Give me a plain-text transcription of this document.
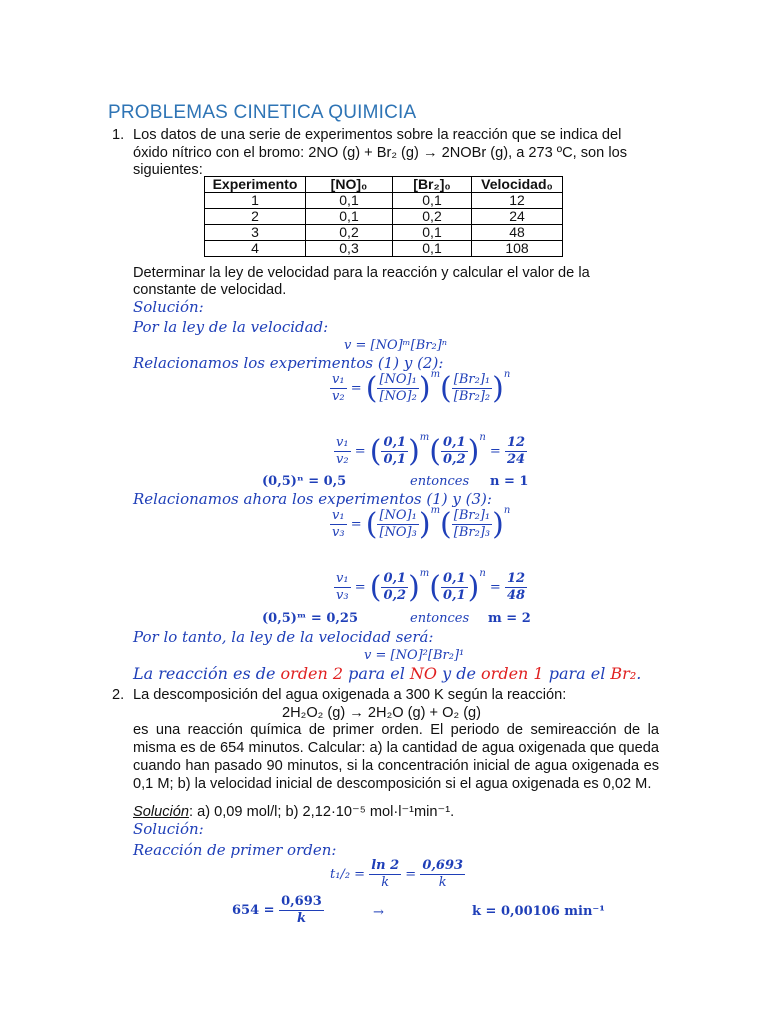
PROBLEMAS CINETICA QUIMICIA
1. Los datos de una serie de experimentos sobre la reacción que se indica del
óxido nítrico con el bromo: 2NO (g) + Br₂ (g) → 2NOBr (g), a 273 ºC, son los
siguientes:
Experimento	[NO]₀	[Br₂]₀	Velocidad₀
1	0,1	0,1	12
2	0,1	0,2	24
3	0,2	0,1	48
4	0,3	0,1	108
Determinar la ley de velocidad para la reacción y calcular el valor de la
constante de velocidad.
Solución:
Por la ley de la velocidad:
v = [NO]ᵐ[Br₂]ⁿ
Relacionamos los experimentos (1) y (2):
$\frac{\text{v₁}}{\text{v₂}}$ = ( $\frac{\text{[NO]₁}}{\text{[NO]₂}}$ ) m ( $\frac{\text{[Br₂]₁}}{\text{[Br₂]₂}}$ ) n
$\frac{\text{v₁}}{\text{v₂}}$ = ( $\frac{0,1}{0,1}$ ) m ( $\frac{0,1}{0,2}$ ) n
= $\frac{12}{24}$
(0,5)ⁿ = 0,5	entonces n = 1
Relacionamos ahora los experimentos (1) y (3):
$\frac{\text{v₁}}{\text{v₃}}$ = ( $\frac{\text{[NO]₁}}{\text{[NO]₃}}$ ) m ( $\frac{\text{[Br₂]₁}}{\text{[Br₂]₃}}$ ) n
$\frac{\text{v₁}}{\text{v₃}}$ = ( $\frac{0,1}{0,2}$ ) m ( $\frac{0,1}{0,1}$ ) n
= $\frac{12}{48}$
(0,5)ᵐ = 0,25	entonces m = 2
Por lo tanto, la ley de la velocidad será:
v = [NO]²[Br₂]¹
La reacción es de orden 2 para el NO y de orden 1 para el Br₂.
2. La descomposición del agua oxigenada a 300 K según la reacción:
2H₂O₂ (g) → 2H₂O (g) + O₂ (g)
es una reacción química de primer orden. El periodo de semireacción de la misma es de 654 minutos. Calcular: a) la cantidad de agua oxigenada que queda cuando han pasado 90 minutos, si la concentración inicial de agua oxigenada es 0,1 M; b) la velocidad inicial de descomposición si el agua oxigenada es 0,02 M.
Solución: a) 0,09 mol/l; b) 2,12·10⁻⁵ mol·l⁻¹min⁻¹.
Solución:
Reacción de primer orden:
t₁/₂ =
$\frac{\ln 2}{k} = \frac{0,693}{k}$
654 =
$\frac{0,693}{k}$	→	k = 0,00106 min⁻¹
